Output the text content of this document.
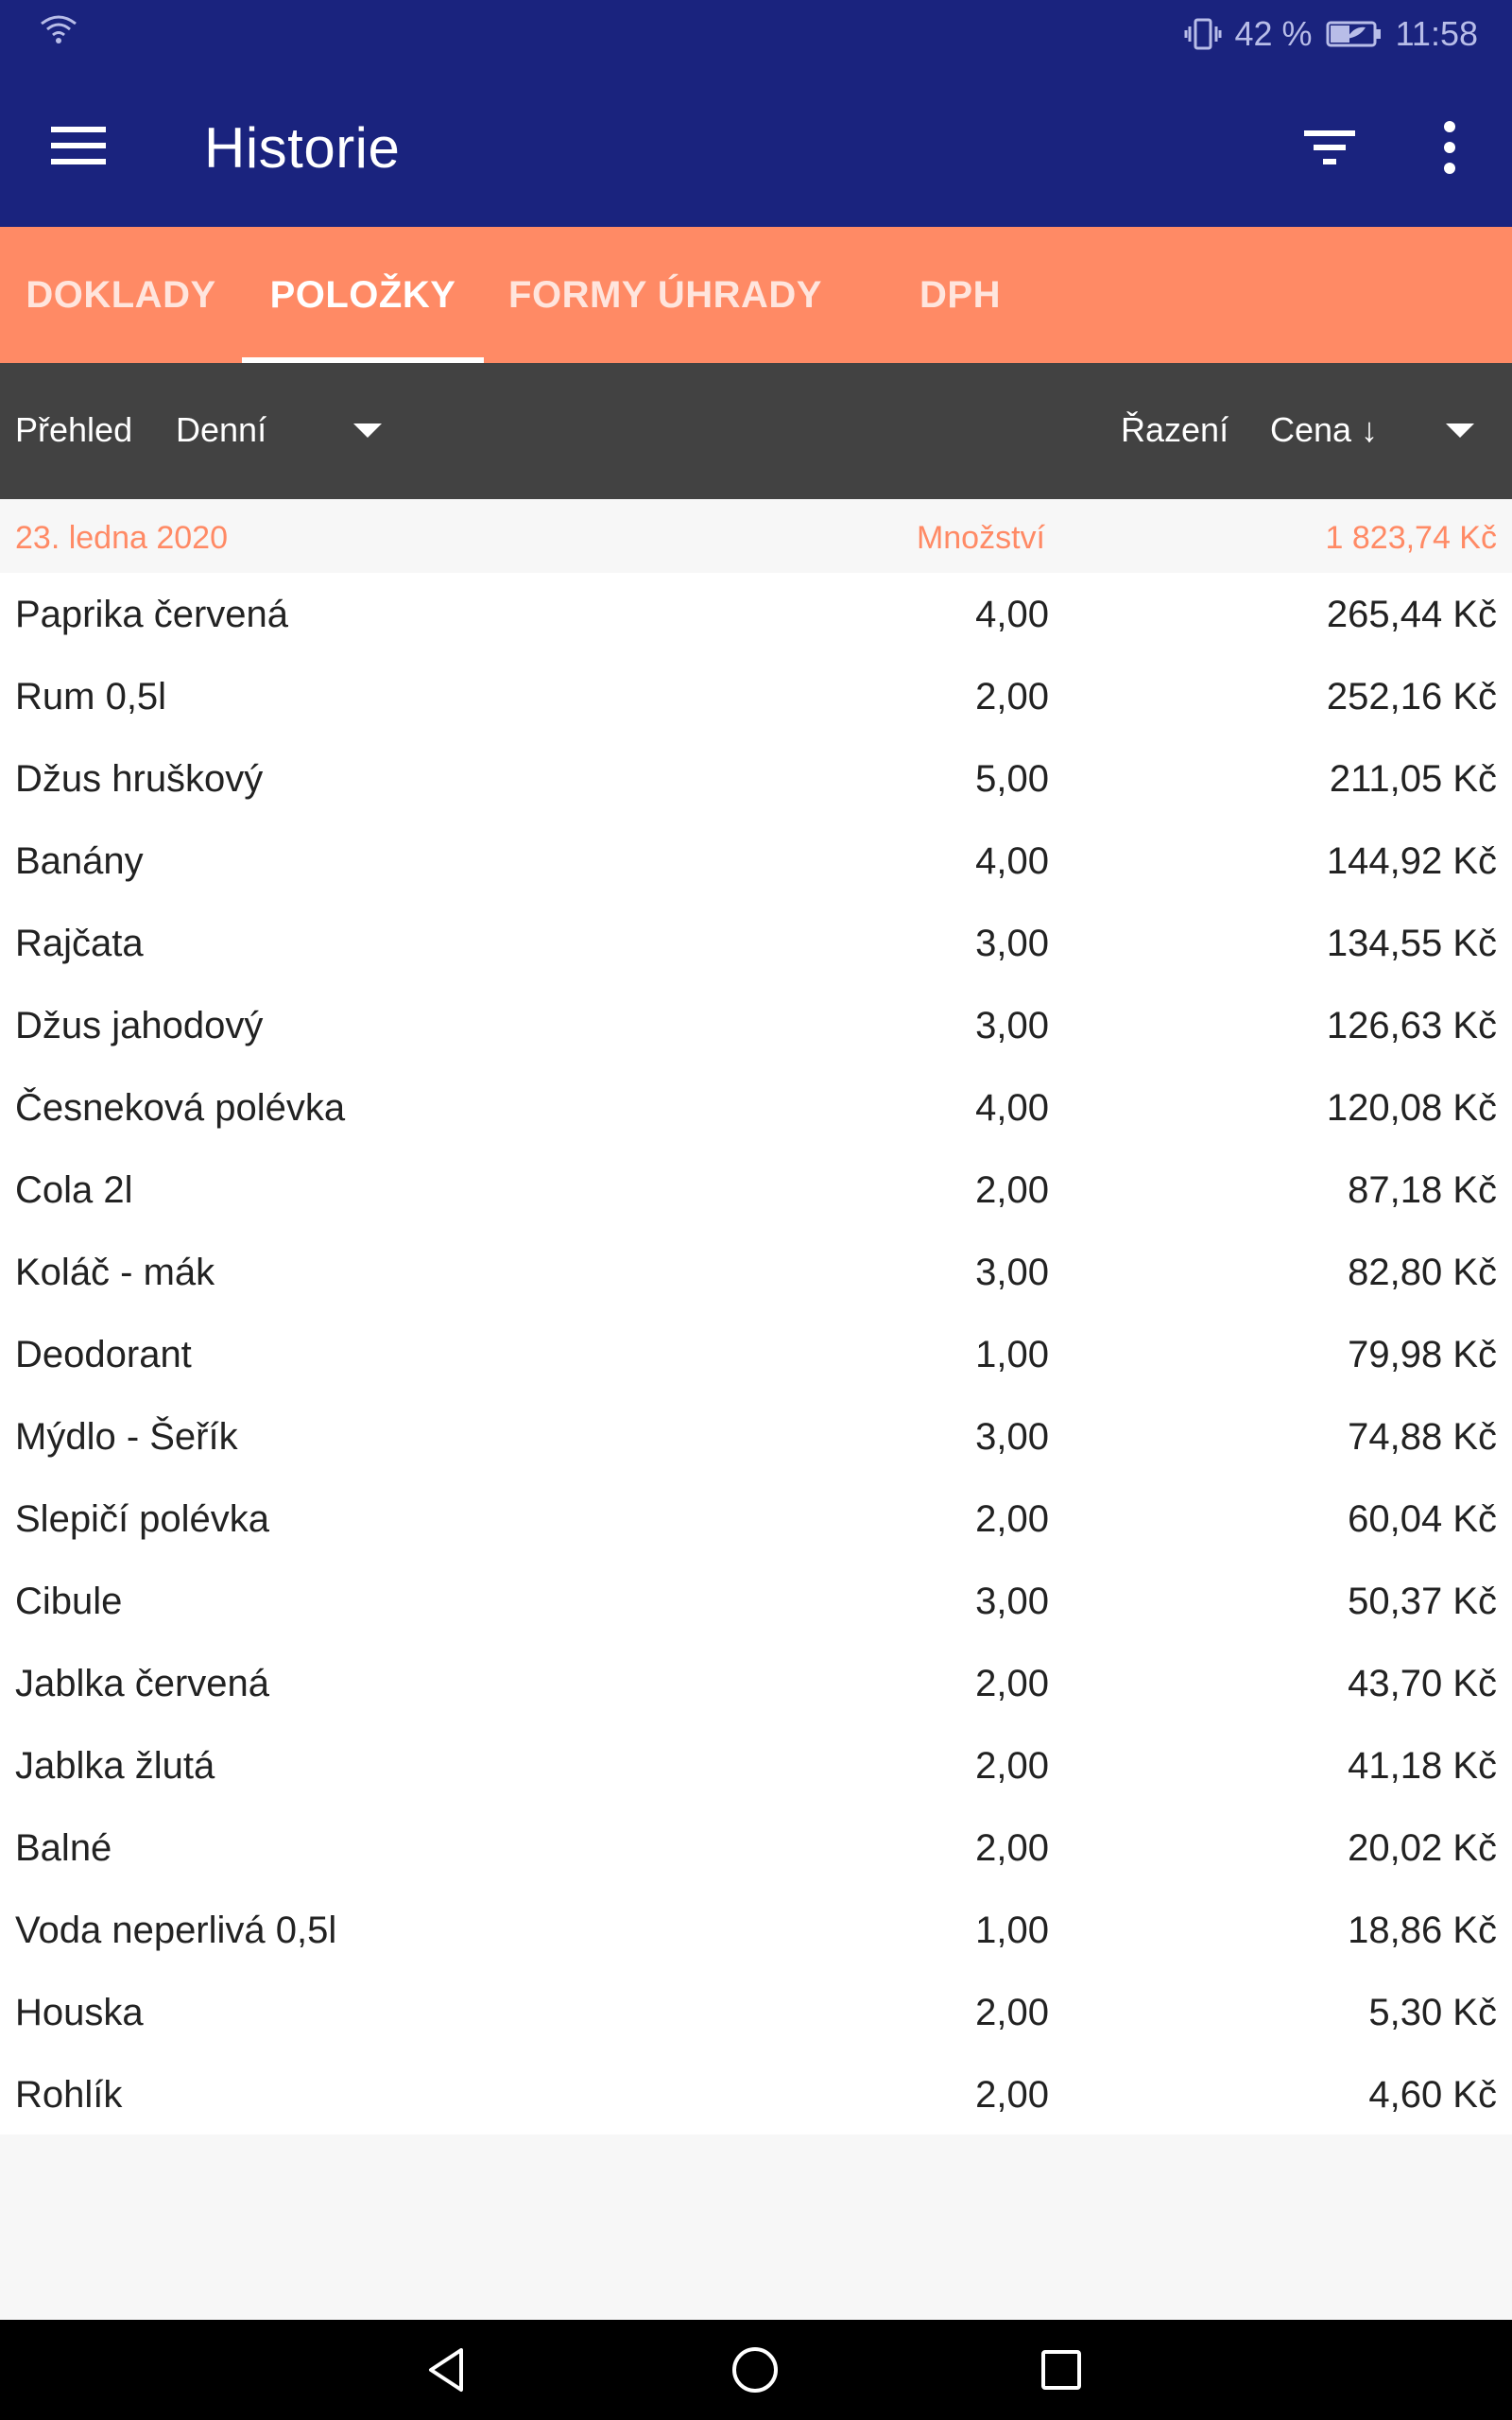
42 % 11:58
Historie
DOKLADY	POLOŽKY	FORMY ÚHRADY	DPH
Přehled Denní	Řazení Cena ↓
23. ledna 2020	Množství	1 823,74 Kč
Paprika červená	4,00	265,44 Kč
Rum 0,5l	2,00	252,16 Kč
Džus hruškový	5,00	211,05 Kč
Banány	4,00	144,92 Kč
Rajčata	3,00	134,55 Kč
Džus jahodový	3,00	126,63 Kč
Česneková polévka	4,00	120,08 Kč
Cola 2l	2,00	87,18 Kč
Koláč - mák	3,00	82,80 Kč
Deodorant	1,00	79,98 Kč
Mýdlo - Šeřík	3,00	74,88 Kč
Slepičí polévka	2,00	60,04 Kč
Cibule	3,00	50,37 Kč
Jablka červená	2,00	43,70 Kč
Jablka žlutá	2,00	41,18 Kč
Balné	2,00	20,02 Kč
Voda neperlivá 0,5l	1,00	18,86 Kč
Houska	2,00	5,30 Kč
Rohlík	2,00	4,60 Kč
